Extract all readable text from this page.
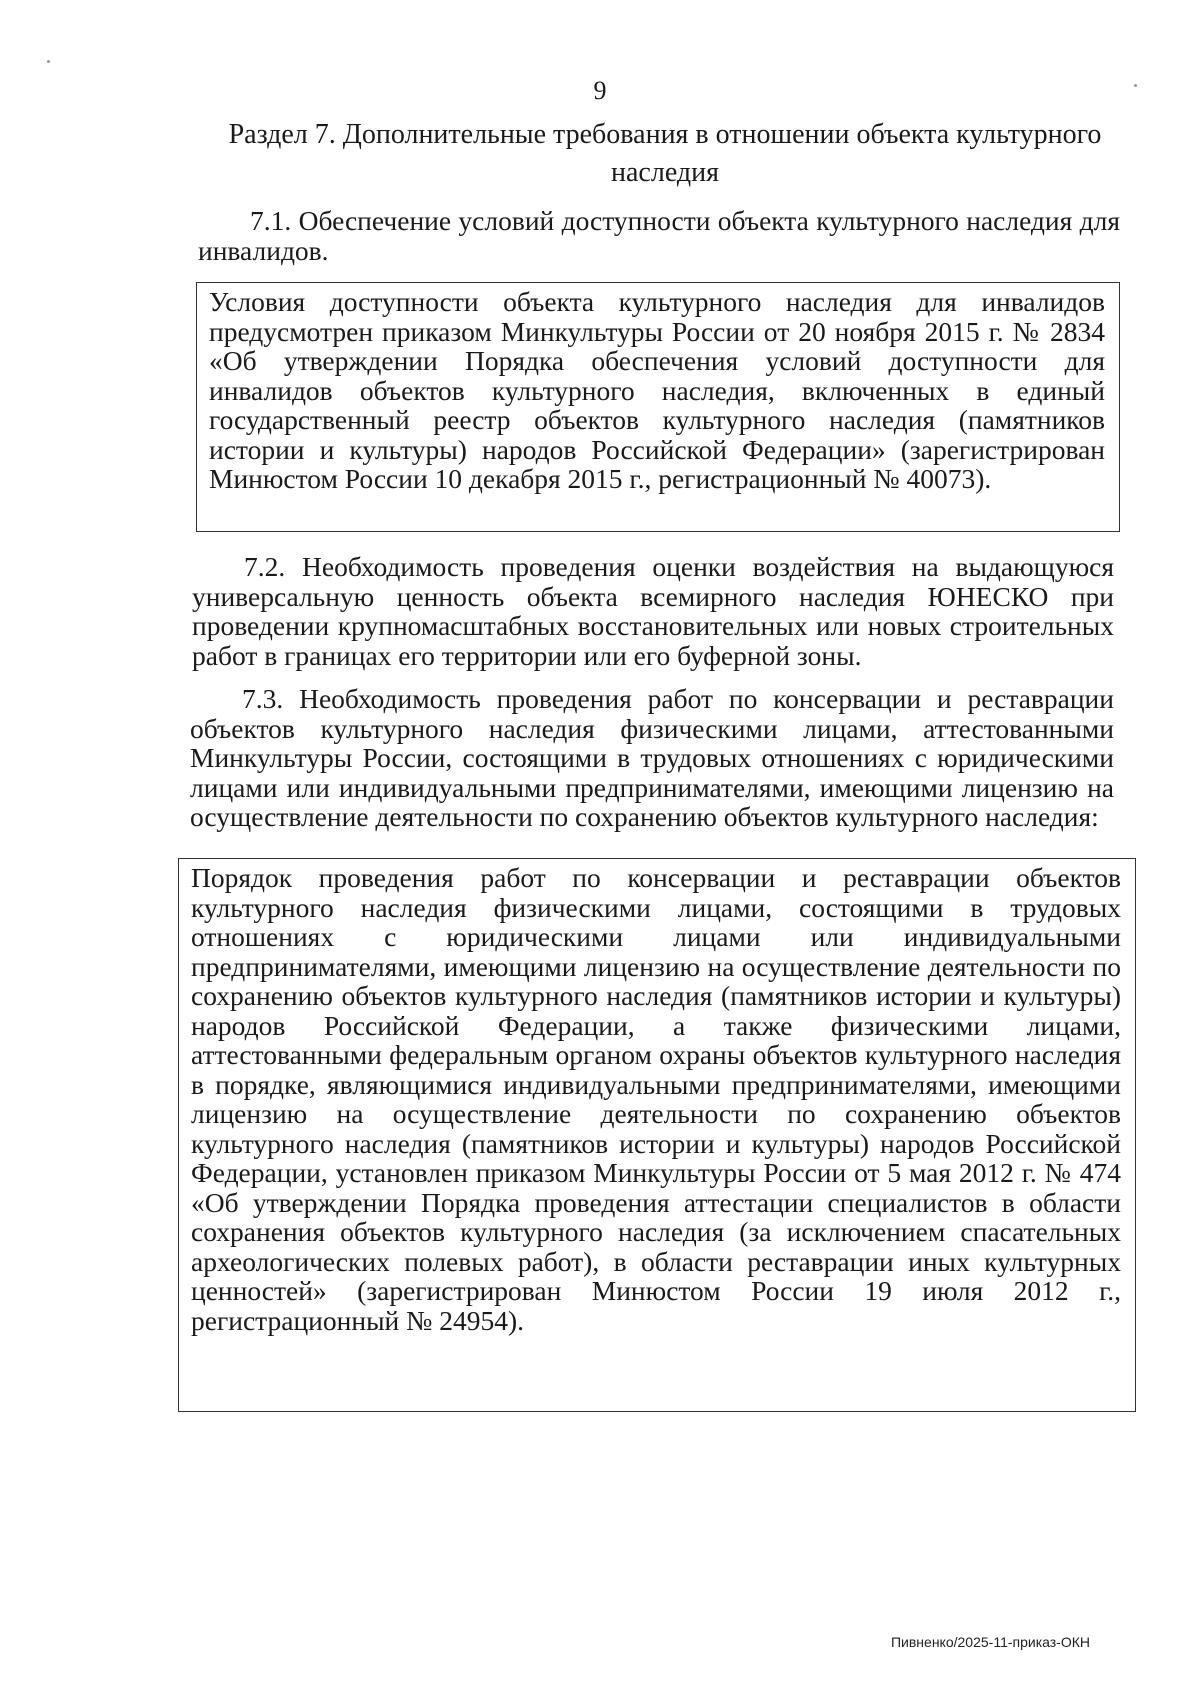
9
Раздел 7. Дополнительные требования в отношении объекта культурного наследия

7.1. Обеспечение условий доступности объекта культурного наследия для инвалидов.

Условия доступности объекта культурного наследия для инвалидов предусмотрен приказом Минкультуры России от 20 ноября 2015 г. № 2834 «Об утверждении Порядка обеспечения условий доступности для инвалидов объектов культурного наследия, включенных в единый государственный реестр объектов культурного наследия (памятников истории и культуры) народов Российской Федерации» (зарегистрирован Минюстом России 10 декабря 2015 г., регистрационный № 40073).

7.2. Необходимость проведения оценки воздействия на выдающуюся универсальную ценность объекта всемирного наследия ЮНЕСКО при проведении крупномасштабных восстановительных или новых строительных работ в границах его территории или его буферной зоны.

7.3. Необходимость проведения работ по консервации и реставрации объектов культурного наследия физическими лицами, аттестованными Минкультуры России, состоящими в трудовых отношениях с юридическими лицами или индивидуальными предпринимателями, имеющими лицензию на осуществление деятельности по сохранению объектов культурного наследия:

Порядок проведения работ по консервации и реставрации объектов культурного наследия физическими лицами, состоящими в трудовых отношениях с юридическими лицами или индивидуальными предпринимателями, имеющими лицензию на осуществление деятельности по сохранению объектов культурного наследия (памятников истории и культуры) народов Российской Федерации, а также физическими лицами, аттестованными федеральным органом охраны объектов культурного наследия в порядке, являющимися индивидуальными предпринимателями, имеющими лицензию на осуществление деятельности по сохранению объектов культурного наследия (памятников истории и культуры) народов Российской Федерации, установлен приказом Минкультуры России от 5 мая 2012 г. № 474 «Об утверждении Порядка проведения аттестации специалистов в области сохранения объектов культурного наследия (за исключением спасательных археологических полевых работ), в области реставрации иных культурных ценностей» (зарегистрирован Минюстом России 19 июля 2012 г., регистрационный № 24954).
Пивненко/2025-11-приказ-ОКН
